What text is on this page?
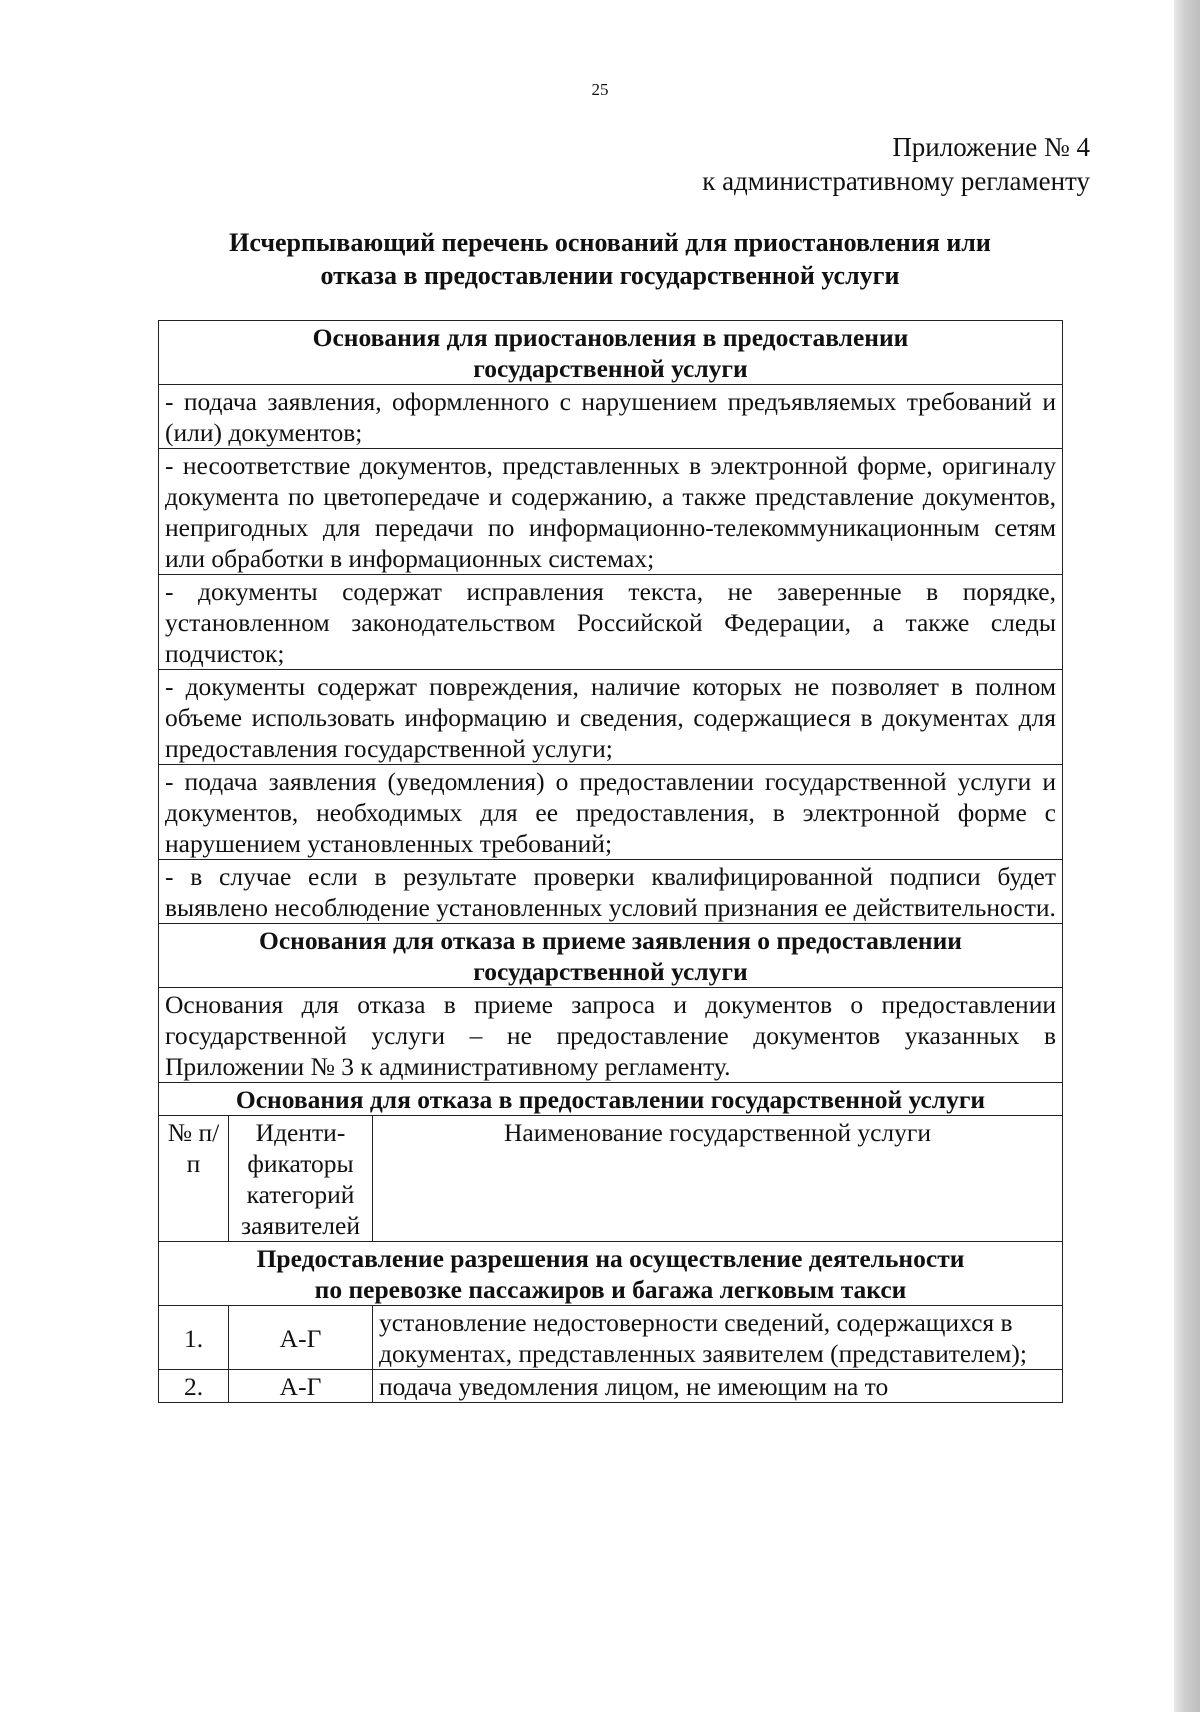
25
Приложение № 4
к административному регламенту
Исчерпывающий перечень оснований для приостановления или
отказа в предоставлении государственной услуги
Основания для приостановления в предоставлении
государственной услуги		

- подача заявления, оформленного с нарушением предъявляемых требований и (или) документов;		
- несоответствие документов, представленных в электронной форме, оригиналу документа по цветопередаче и содержанию, а также представление документов, непригодных для передачи по информационно-телекоммуникационным сетям или обработки в информационных системах;		
- документы содержат исправления текста, не заверенные в порядке, установленном законодательством Российской Федерации, а также следы подчисток;		
- документы содержат повреждения, наличие которых не позволяет в полном объеме использовать информацию и сведения, содержащиеся в документах для предоставления государственной услуги;		
- подача заявления (уведомления) о предоставлении государственной услуги и документов, необходимых для ее предоставления, в электронной форме с нарушением установленных требований;		
- в случае если в результате проверки квалифицированной подписи будет выявлено несоблюдение установленных условий признания ее действительности.		

Основания для отказа в приеме заявления о предоставлении
государственной услуги		

Основания для отказа в приеме запроса и документов о предоставлении государственной услуги – не предоставление документов указанных в Приложении № 3 к административному регламенту.		
Основания для отказа в предоставлении государственной услуги		
№ п/п	Иденти-фикаторы категорий заявителей	Наименование государственной услуги

Предоставление разрешения на осуществление деятельности
по перевозке пассажиров и багажа легковым такси		

1.	А-Г	установление недостоверности сведений, содержащихся в документах, представленных заявителем (представителем);
2.	А-Г	подача уведомления лицом, не имеющим на то
